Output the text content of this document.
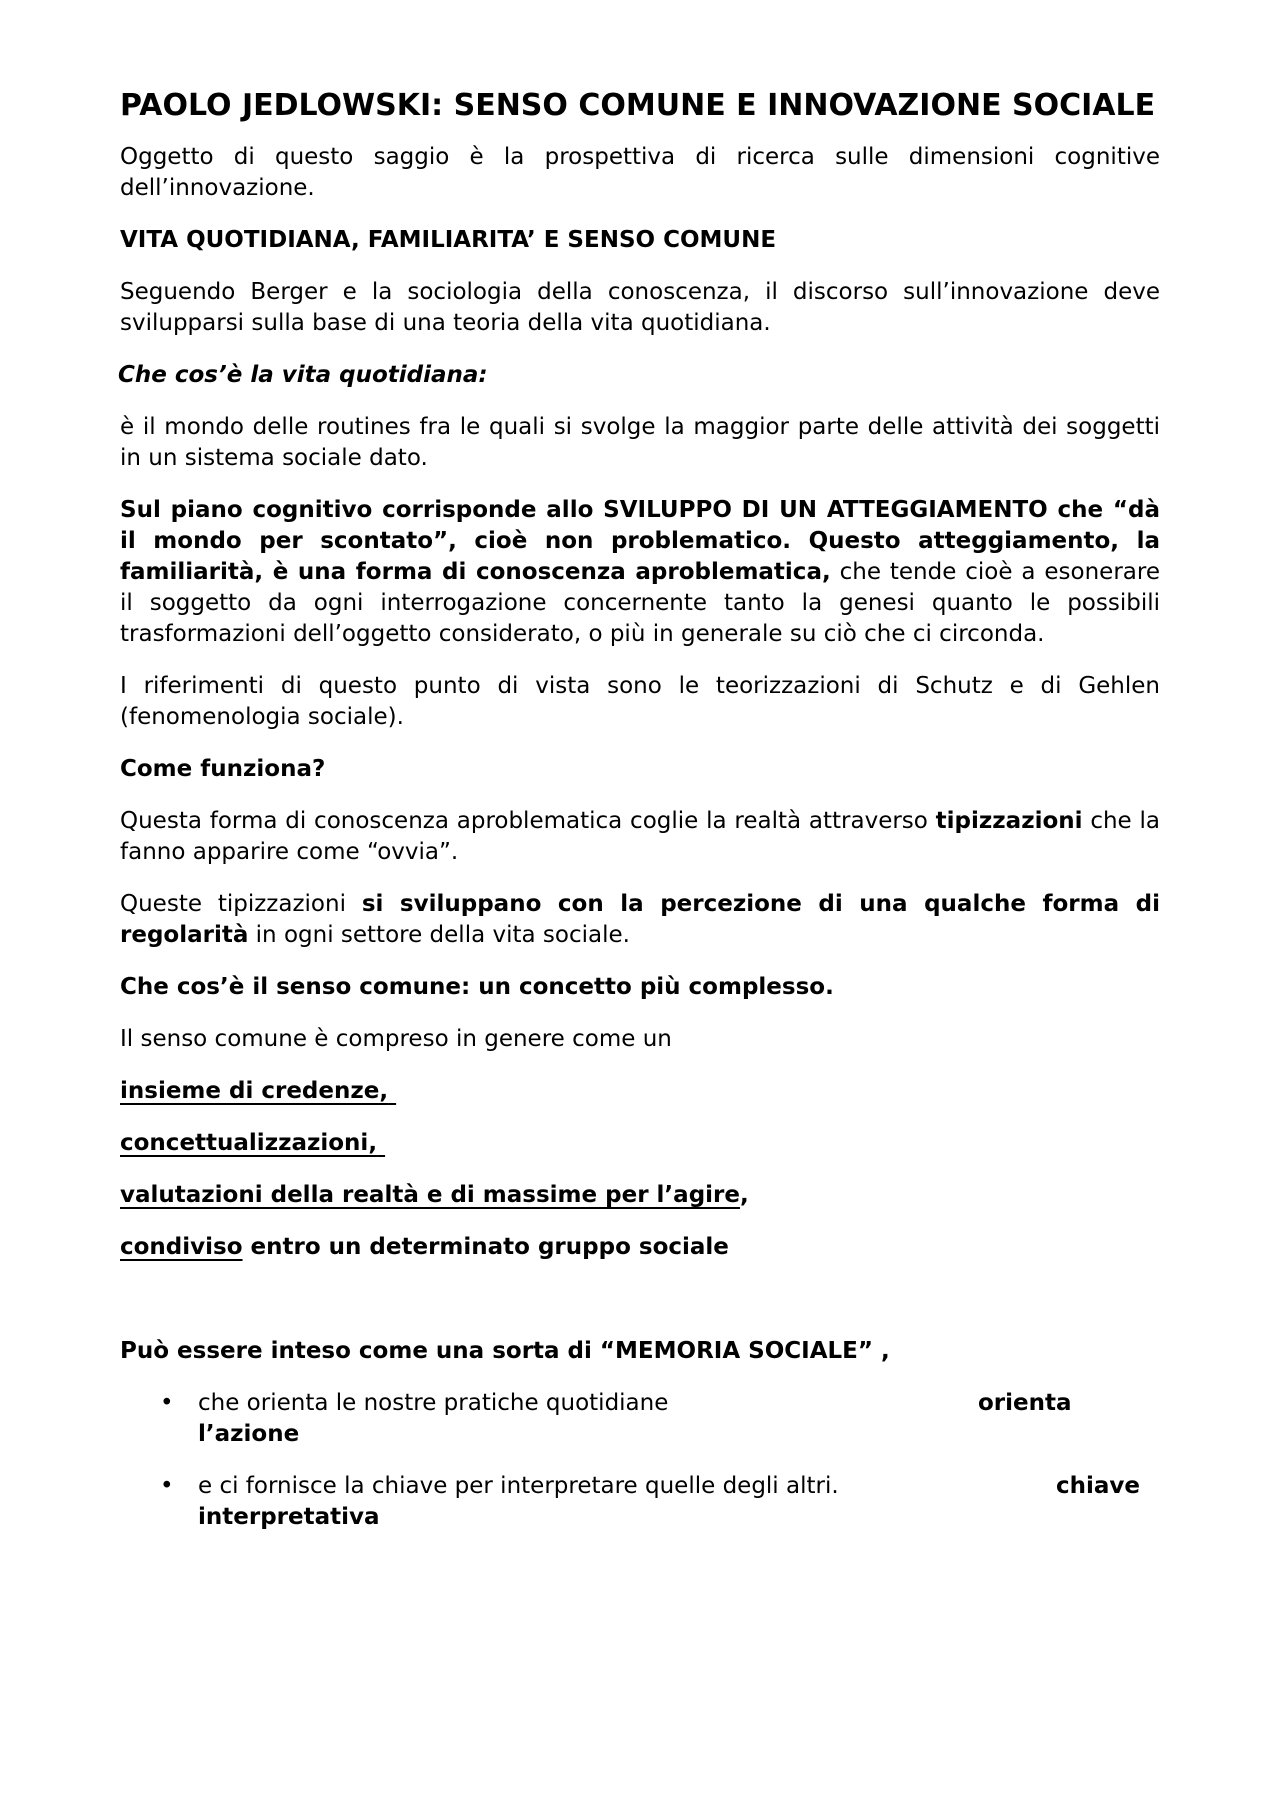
PAOLO JEDLOWSKI: SENSO COMUNE E INNOVAZIONE SOCIALE

Oggetto di questo saggio è la prospettiva di ricerca sulle dimensioni cognitive dell’innovazione.

VITA QUOTIDIANA, FAMILIARITA’ E SENSO COMUNE

Seguendo Berger e la sociologia della conoscenza, il discorso sull’innovazione deve svilupparsi sulla base di una teoria della vita quotidiana.

Che cos’è la vita quotidiana:

è il mondo delle routines fra le quali si svolge la maggior parte delle attività dei soggetti in un sistema sociale dato.

Sul piano cognitivo corrisponde allo SVILUPPO DI UN ATTEGGIAMENTO che “dà il mondo per scontato”, cioè non problematico. Questo atteggiamento, la familiarità, è una forma di conoscenza aproblematica, che tende cioè a esonerare il soggetto da ogni interrogazione concernente tanto la genesi quanto le possibili trasformazioni dell’oggetto considerato, o più in generale su ciò che ci circonda.

I riferimenti di questo punto di vista sono le teorizzazioni di Schutz e di Gehlen (fenomenologia sociale).

Come funziona?

Questa forma di conoscenza aproblematica coglie la realtà attraverso tipizzazioni che la fanno apparire come “ovvia”.

Queste tipizzazioni si sviluppano con la percezione di una qualche forma di regolarità in ogni settore della vita sociale.

Che cos’è il senso comune: un concetto più complesso.

Il senso comune è compreso in genere come un

insieme di credenze,

concettualizzazioni,

valutazioni della realtà e di massime per l’agire,

condiviso entro un determinato gruppo sociale

Può essere inteso come una sorta di “MEMORIA SOCIALE” ,

• che orienta le nostre pratiche quotidiane	orienta
l’azione
• e ci fornisce la chiave per interpretare quelle degli altri.	chiave
interpretativa
